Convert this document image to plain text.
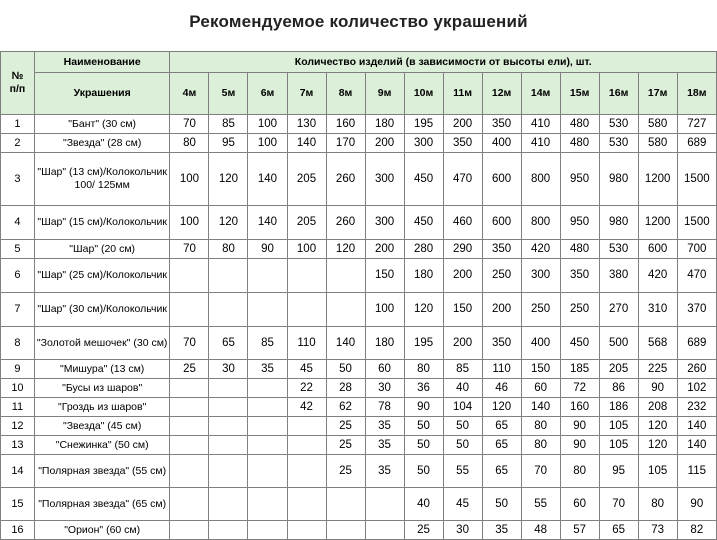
Рекомендуемое количество украшений
№
п/п	Наименование	Количество изделий (в зависимости от высоты ели), шт.													
	Украшения	4м	5м	6м	7м	8м	9м	10м	11м	12м	14м	15м	16м	17м	18м
1	"Бант" (30 см)	70	85	100	130	160	180	195	200	350	410	480	530	580	727
2	"Звезда" (28 см)	80	95	100	140	170	200	300	350	400	410	480	530	580	689
3	"Шар" (13 см)/Колокольчик 100/ 125мм	100	120	140	205	260	300	450	470	600	800	950	980	1200	1500
4	"Шар" (15 см)/Колокольчик	100	120	140	205	260	300	450	460	600	800	950	980	1200	1500
5	"Шар" (20 см)	70	80	90	100	120	200	280	290	350	420	480	530	600	700
6	"Шар" (25 см)/Колокольчик						150	180	200	250	300	350	380	420	470
7	"Шар" (30 см)/Колокольчик						100	120	150	200	250	250	270	310	370
8	"Золотой мешочек" (30 см)	70	65	85	110	140	180	195	200	350	400	450	500	568	689
9	"Мишура" (13 см)	25	30	35	45	50	60	80	85	110	150	185	205	225	260
10	"Бусы из шаров"				22	28	30	36	40	46	60	72	86	90	102
11	"Гроздь из шаров"				42	62	78	90	104	120	140	160	186	208	232
12	"Звезда" (45 см)					25	35	50	50	65	80	90	105	120	140
13	"Снежинка" (50 см)					25	35	50	50	65	80	90	105	120	140
14	"Полярная звезда" (55 см)					25	35	50	55	65	70	80	95	105	115
15	"Полярная звезда" (65 см)							40	45	50	55	60	70	80	90
16	"Орион" (60 см)							25	30	35	48	57	65	73	82
